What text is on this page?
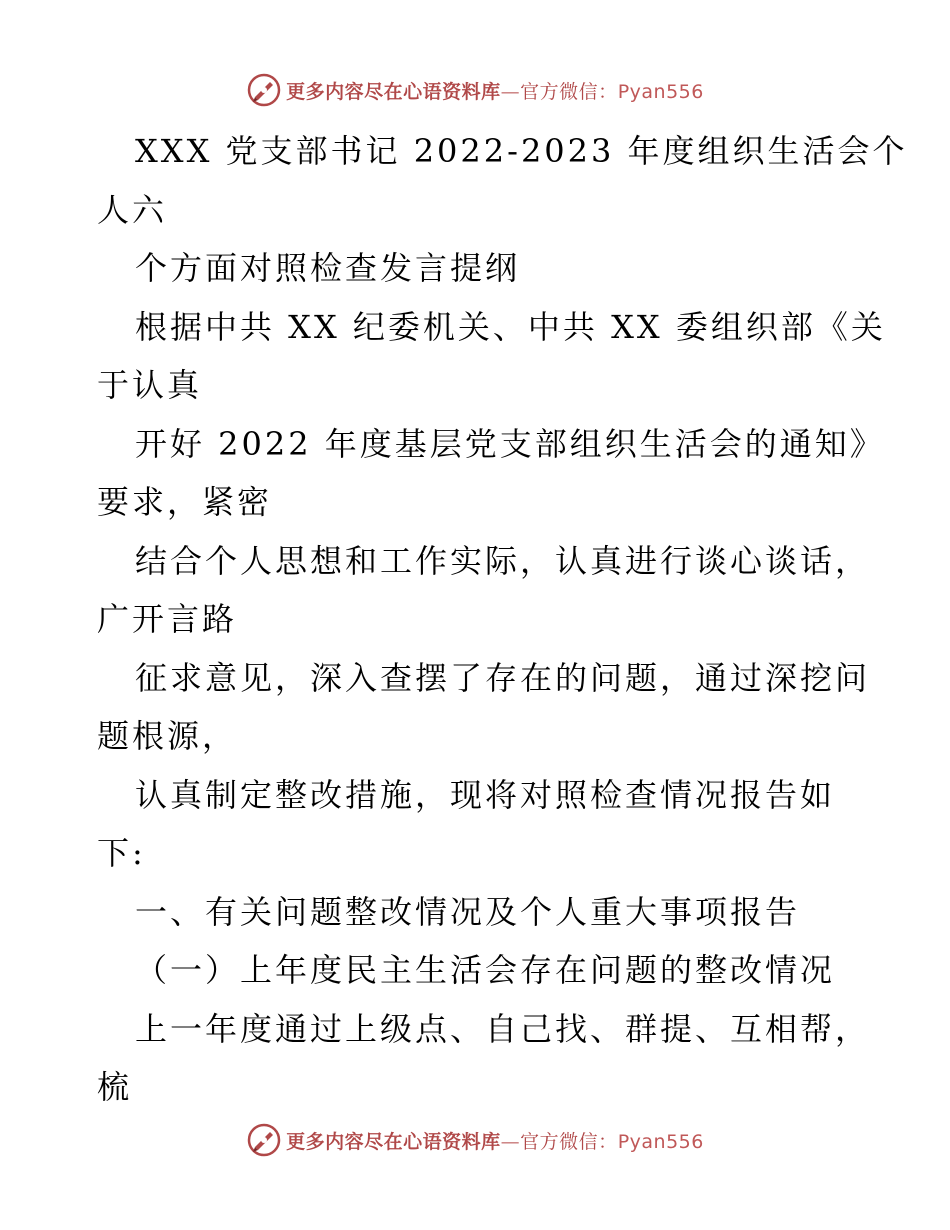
更多内容尽在心语资料库—官方微信：Pyan556
XXX 党支部书记 2022-2023 年度组织生活会个
人六
个方面对照检查发言提纲
根据中共 XX 纪委机关、中共 XX 委组织部《关
于认真
开好 2022 年度基层党支部组织生活会的通知》
要求，紧密
结合个人思想和工作实际，认真进行谈心谈话，
广开言路
征求意见，深入查摆了存在的问题，通过深挖问
题根源，
认真制定整改措施，现将对照检查情况报告如
下:
一、有关问题整改情况及个人重大事项报告
（一）上年度民主生活会存在问题的整改情况
上一年度通过上级点、自己找、群提、互相帮，
梳
更多内容尽在心语资料库—官方微信：Pyan556
